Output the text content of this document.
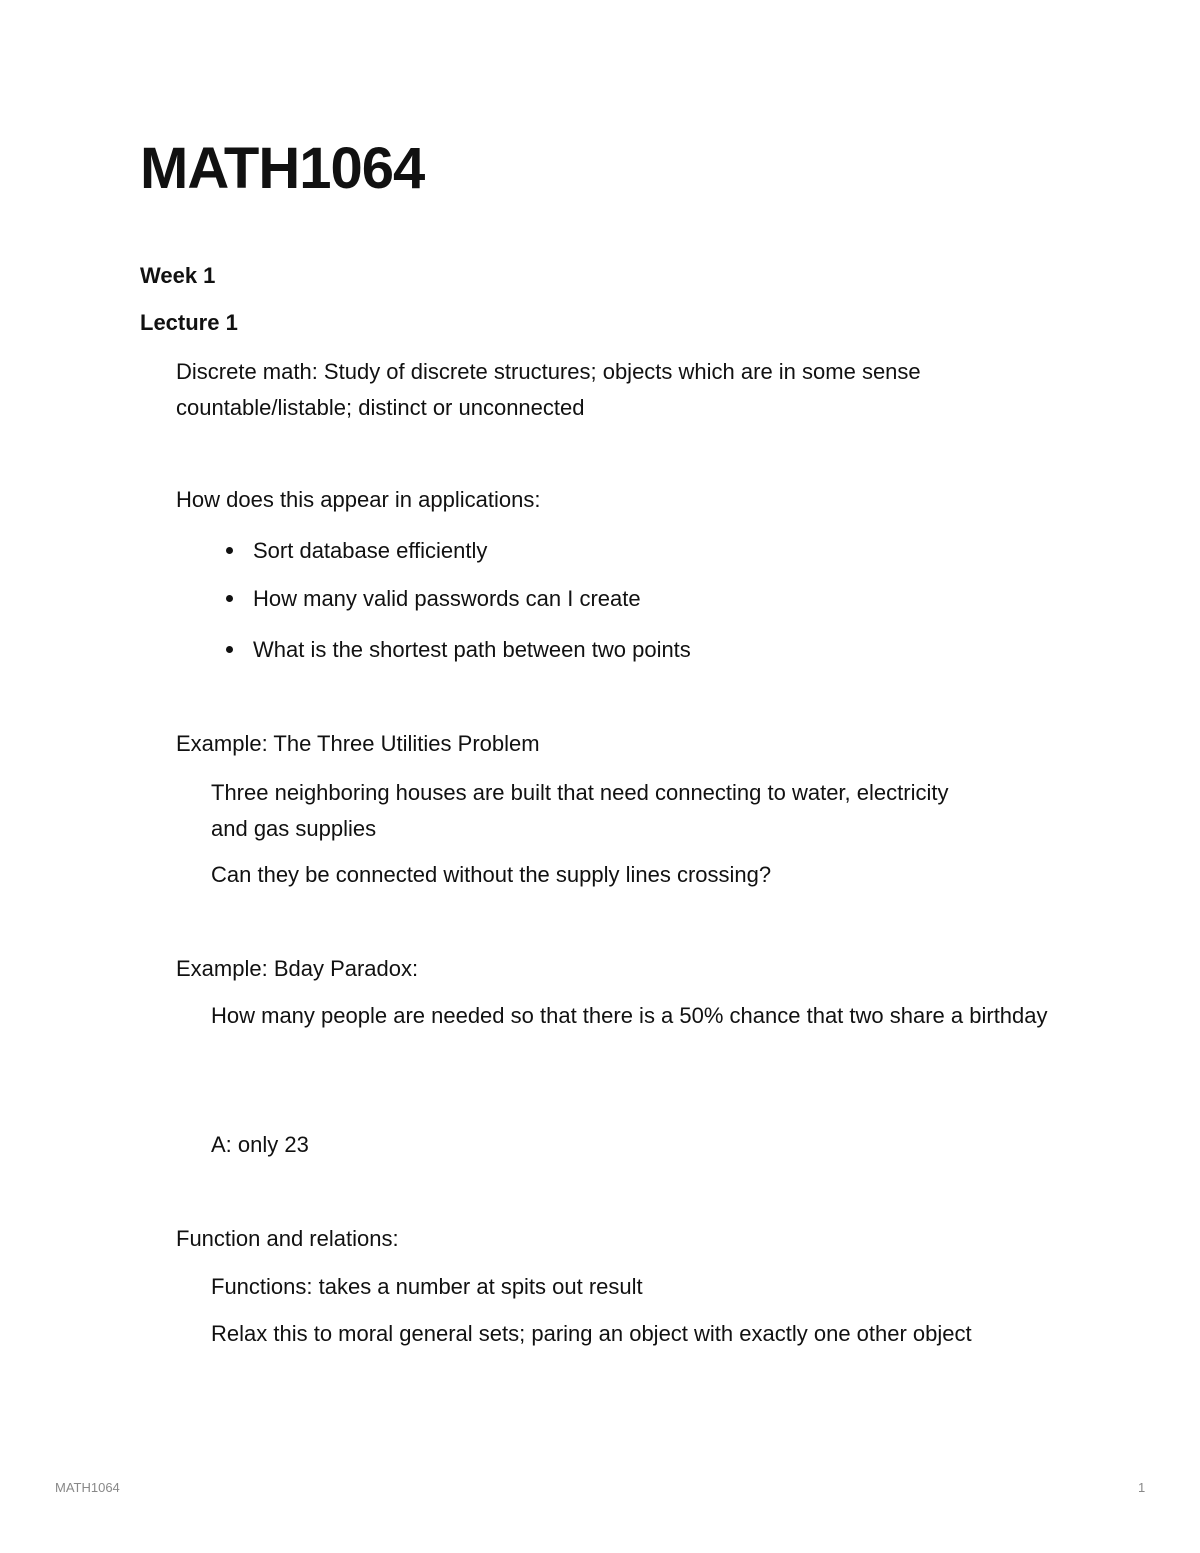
MATH1064

Week 1

Lecture 1

Discrete math: Study of discrete structures; objects which are in some sense countable/listable; distinct or unconnected

How does this appear in applications:

Sort database efficiently
How many valid passwords can I create
What is the shortest path between two points

Example: The Three Utilities Problem

Three neighboring houses are built that need connecting to water, electricity and gas supplies

Can they be connected without the supply lines crossing?

Example: Bday Paradox:

How many people are needed so that there is a 50% chance that two share a birthday

A: only 23

Function and relations:

Functions: takes a number at spits out result

Relax this to moral general sets; paring an object with exactly one other object

MATH1064	1
